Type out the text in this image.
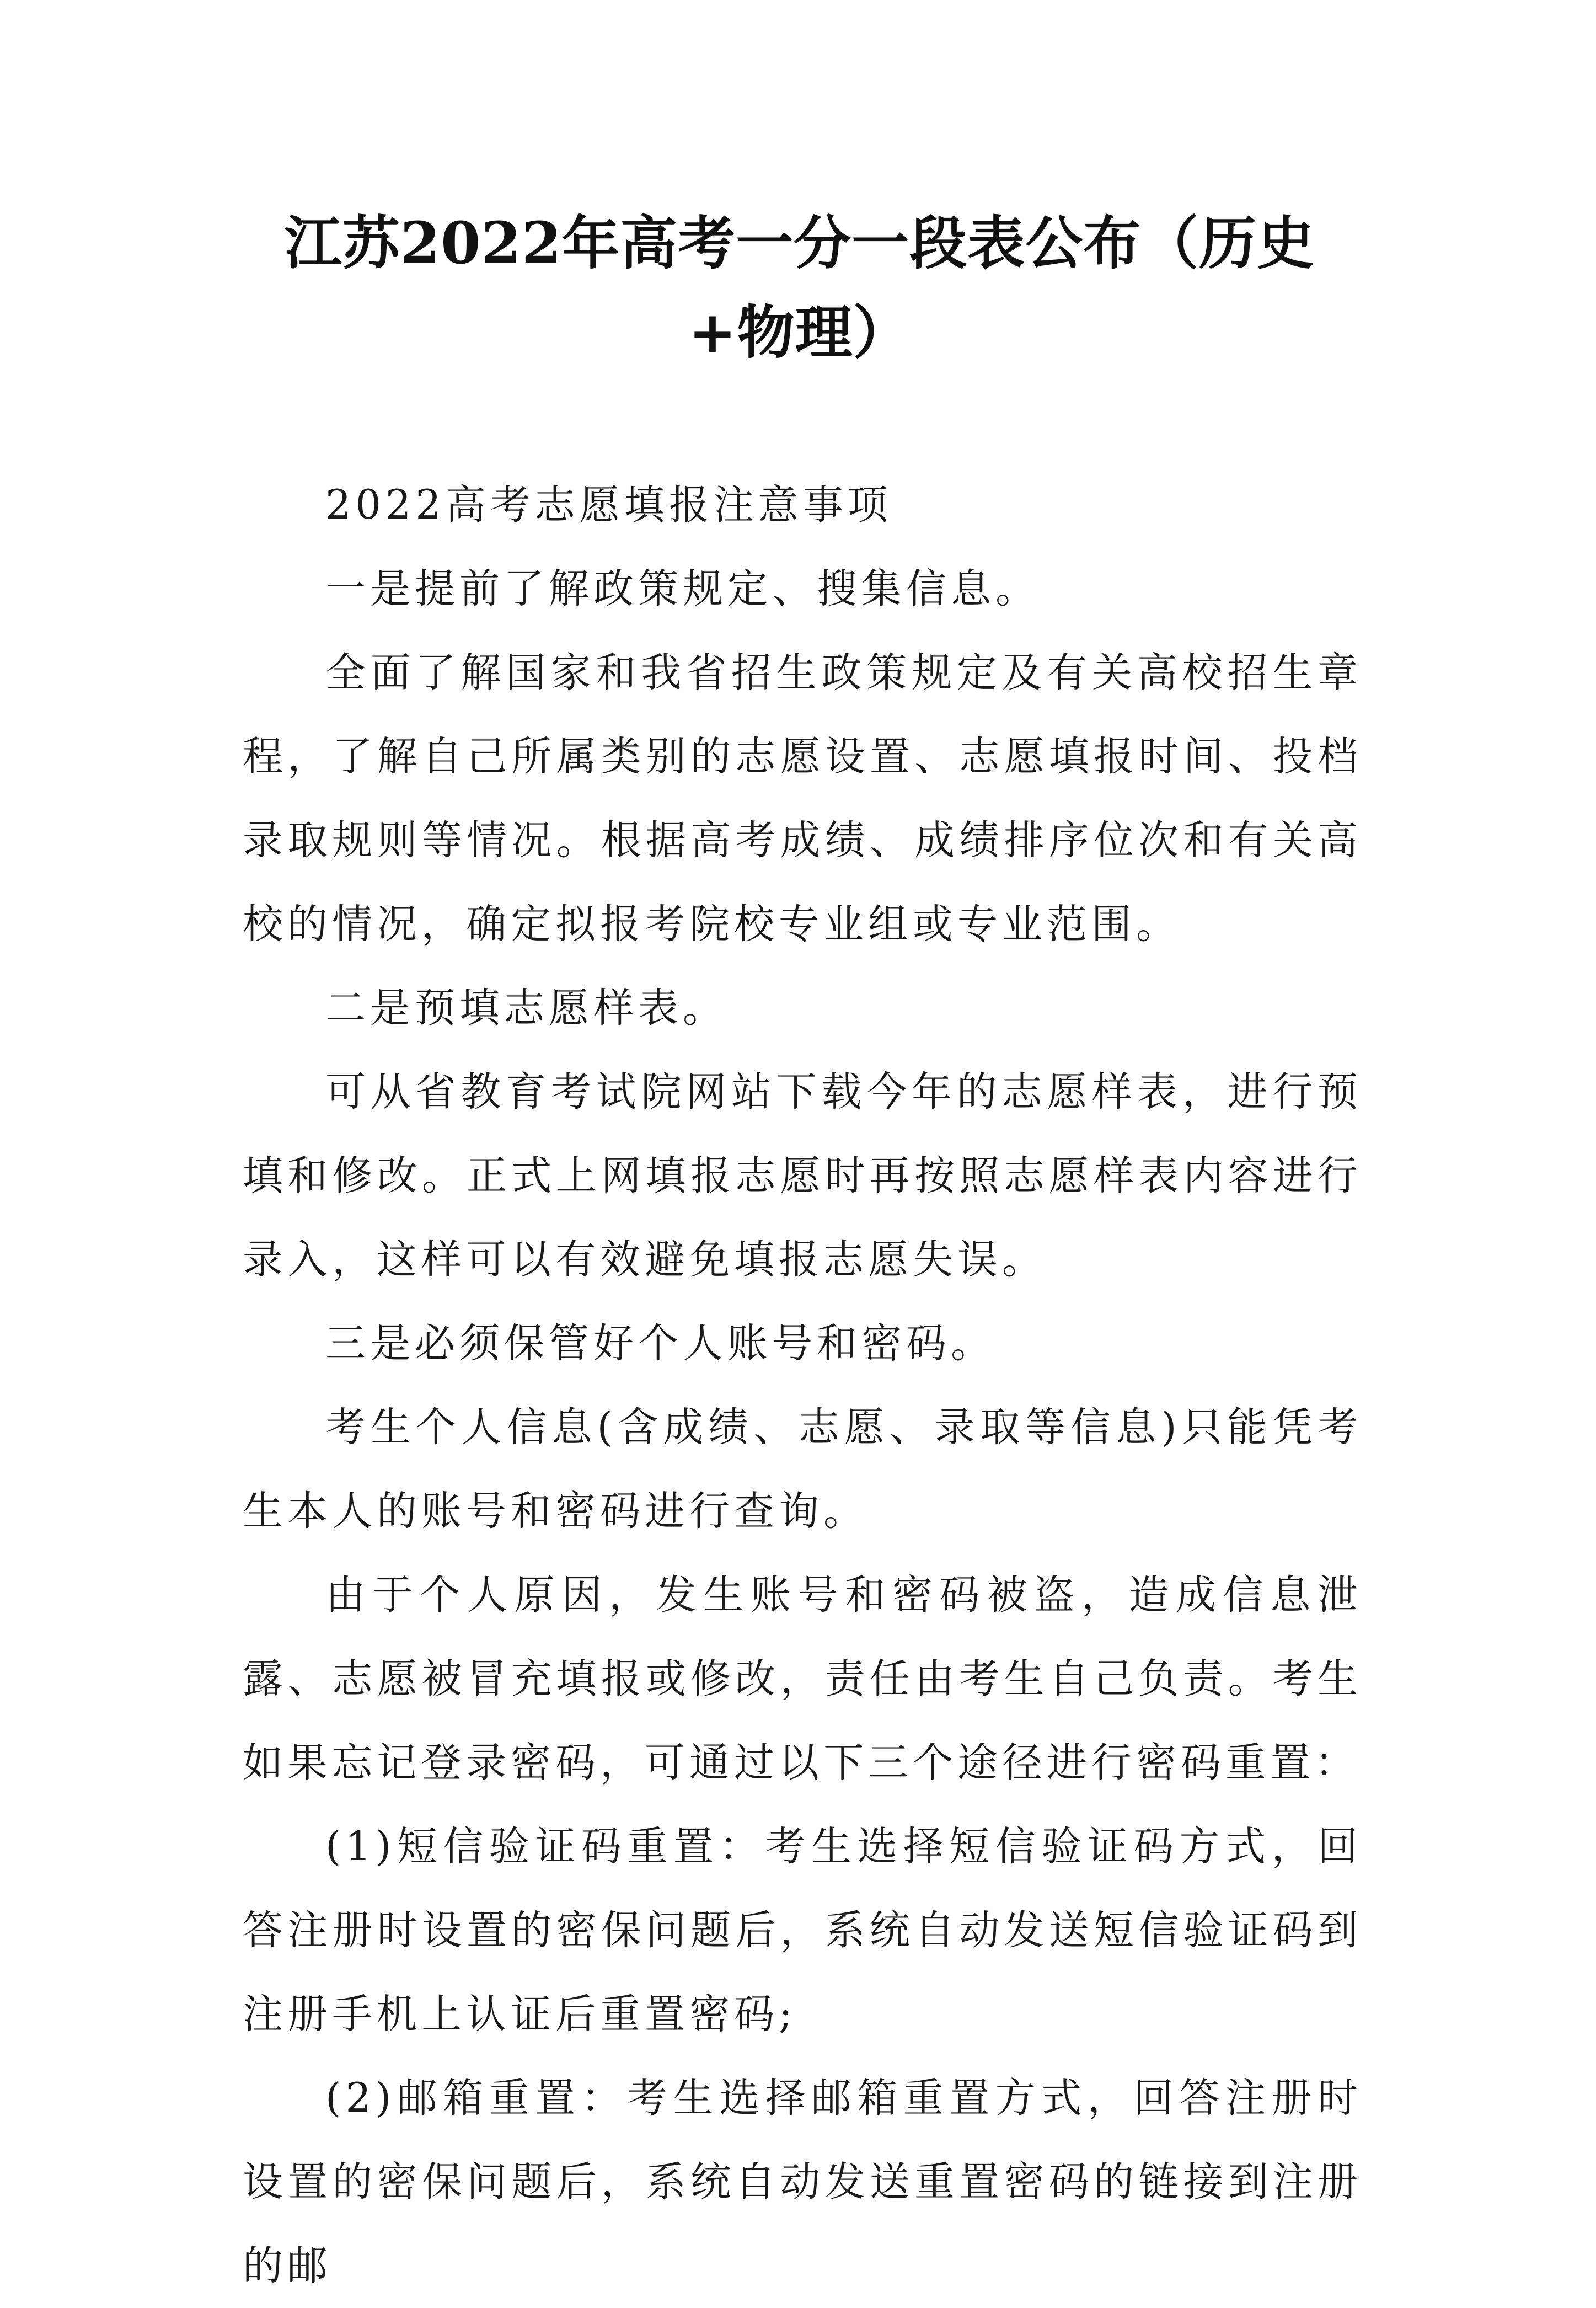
江苏2022年高考一分一段表公布（历史+物理）

2022高考志愿填报注意事项

一是提前了解政策规定、搜集信息。

全面了解国家和我省招生政策规定及有关高校招生章程，了解自己所属类别的志愿设置、志愿填报时间、投档录取规则等情况。根据高考成绩、成绩排序位次和有关高校的情况，确定拟报考院校专业组或专业范围。

二是预填志愿样表。

可从省教育考试院网站下载今年的志愿样表，进行预填和修改。正式上网填报志愿时再按照志愿样表内容进行录入，这样可以有效避免填报志愿失误。

三是必须保管好个人账号和密码。

考生个人信息(含成绩、志愿、录取等信息)只能凭考生本人的账号和密码进行查询。

由于个人原因，发生账号和密码被盗，造成信息泄露、志愿被冒充填报或修改，责任由考生自己负责。考生如果忘记登录密码，可通过以下三个途径进行密码重置：

(1)短信验证码重置：考生选择短信验证码方式，回答注册时设置的密保问题后，系统自动发送短信验证码到注册手机上认证后重置密码;

(2)邮箱重置：考生选择邮箱重置方式，回答注册时设置的密保问题后，系统自动发送重置密码的链接到注册的邮
